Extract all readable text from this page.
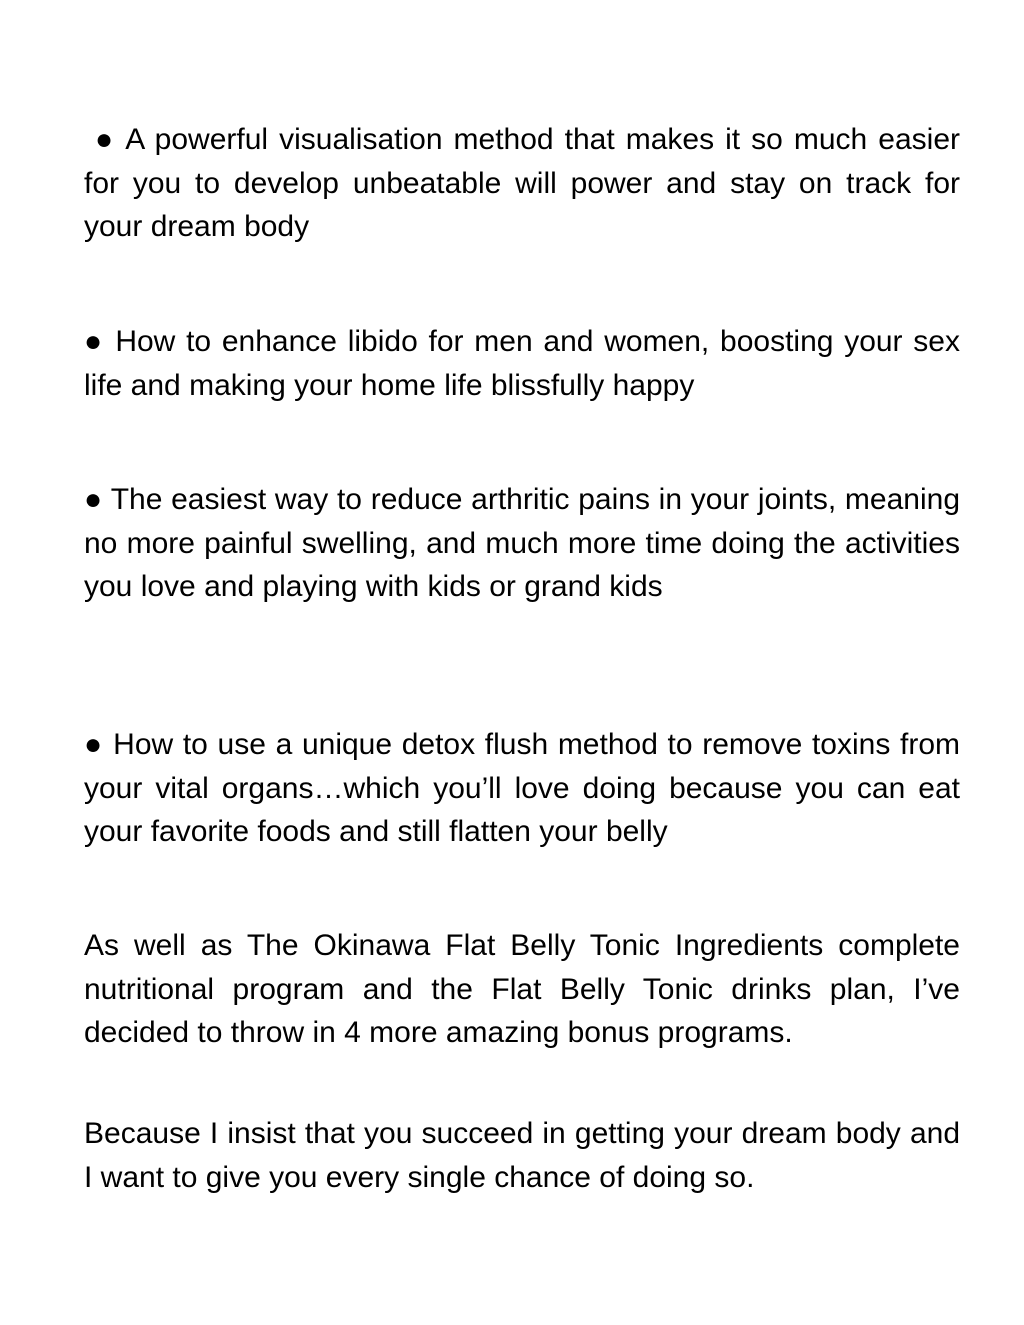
● A powerful visualisation method that makes it so much easier for you to develop unbeatable will power and stay on track for your dream body

● How to enhance libido for men and women, boosting your sex life and making your home life blissfully happy

● The easiest way to reduce arthritic pains in your joints, meaning no more painful swelling, and much more time doing the activities you love and playing with kids or grand kids

● How to use a unique detox flush method to remove toxins from your vital organs…which you’ll love doing because you can eat your favorite foods and still flatten your belly

As well as The Okinawa Flat Belly Tonic Ingredients complete nutritional program and the Flat Belly Tonic drinks plan, I’ve decided to throw in 4 more amazing bonus programs.

Because I insist that you succeed in getting your dream body and I want to give you every single chance of doing so.
